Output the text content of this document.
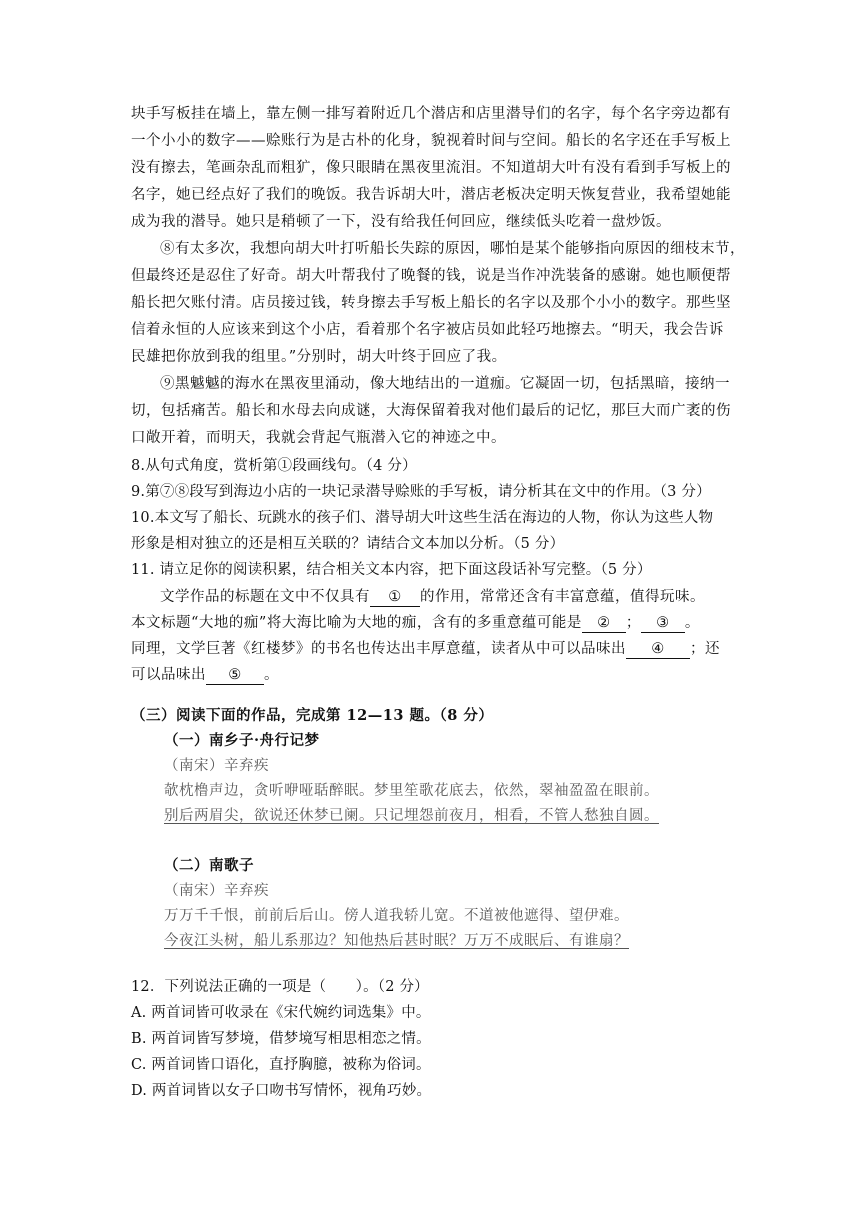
块手写板挂在墙上，靠左侧一排写着附近几个潜店和店里潜导们的名字，每个名字旁边都有
一个小小的数字——赊账行为是古朴的化身，貌视着时间与空间。船长的名字还在手写板上
没有擦去，笔画杂乱而粗犷，像只眼睛在黑夜里流泪。不知道胡大叶有没有看到手写板上的
名字，她已经点好了我们的晚饭。我告诉胡大叶，潜店老板决定明天恢复营业，我希望她能
成为我的潜导。她只是稍顿了一下，没有给我任何回应，继续低头吃着一盘炒饭。
⑧有太多次，我想向胡大叶打听船长失踪的原因，哪怕是某个能够指向原因的细枝末节，
但最终还是忍住了好奇。胡大叶帮我付了晚餐的钱，说是当作冲洗装备的感谢。她也顺便帮
船长把欠账付清。店员接过钱，转身擦去手写板上船长的名字以及那个小小的数字。那些坚
信着永恒的人应该来到这个小店，看着那个名字被店员如此轻巧地擦去。“明天，我会告诉
民雄把你放到我的组里。”分别时，胡大叶终于回应了我。
⑨黑魆魆的海水在黑夜里涌动，像大地结出的一道痂。它凝固一切，包括黑暗，接纳一
切，包括痛苦。船长和水母去向成谜，大海保留着我对他们最后的记忆，那巨大而广袤的伤
口敞开着，而明天，我就会背起气瓶潜入它的神迹之中。
8.从句式角度，赏析第①段画线句。（4 分）
9.第⑦⑧段写到海边小店的一块记录潜导赊账的手写板，请分析其在文中的作用。（3 分）
10.本文写了船长、玩跳水的孩子们、潜导胡大叶这些生活在海边的人物，你认为这些人物
形象是相对独立的还是相互关联的？请结合文本加以分析。（5 分）
11. 请立足你的阅读积累，结合相关文本内容，把下面这段话补写完整。（5 分）
文学作品的标题在文中不仅具有 ① 的作用，常常还含有丰富意蕴，值得玩味。
本文标题“大地的痂”将大海比喻为大地的痂，含有的多重意蕴可能是 ② ； ③ 。
同理，文学巨著《红楼梦》的书名也传达出丰厚意蕴，读者从中可以品味出 ④ ；还
可以品味出 ⑤ 。
（三）阅读下面的作品，完成第 12—13 题。（8 分）
（一）南乡子·舟行记梦
（南宋）辛弃疾
欹枕橹声边，贪听咿哑聒醉眠。梦里笙歌花底去，依然，翠袖盈盈在眼前。
别后两眉尖，欲说还休梦已阑。只记埋怨前夜月，相看，不管人愁独自圆。
（二）南歌子
（南宋）辛弃疾
万万千千恨，前前后后山。傍人道我轿儿宽。不道被他遮得、望伊难。
今夜江头树，船儿系那边？知他热后甚时眠？万万不成眠后、有谁扇？
12．下列说法正确的一项是（　　）。（2 分）
A. 两首词皆可收录在《宋代婉约词选集》中。
B. 两首词皆写梦境，借梦境写相思相恋之情。
C. 两首词皆口语化，直抒胸臆，被称为俗词。
D. 两首词皆以女子口吻书写情怀，视角巧妙。
